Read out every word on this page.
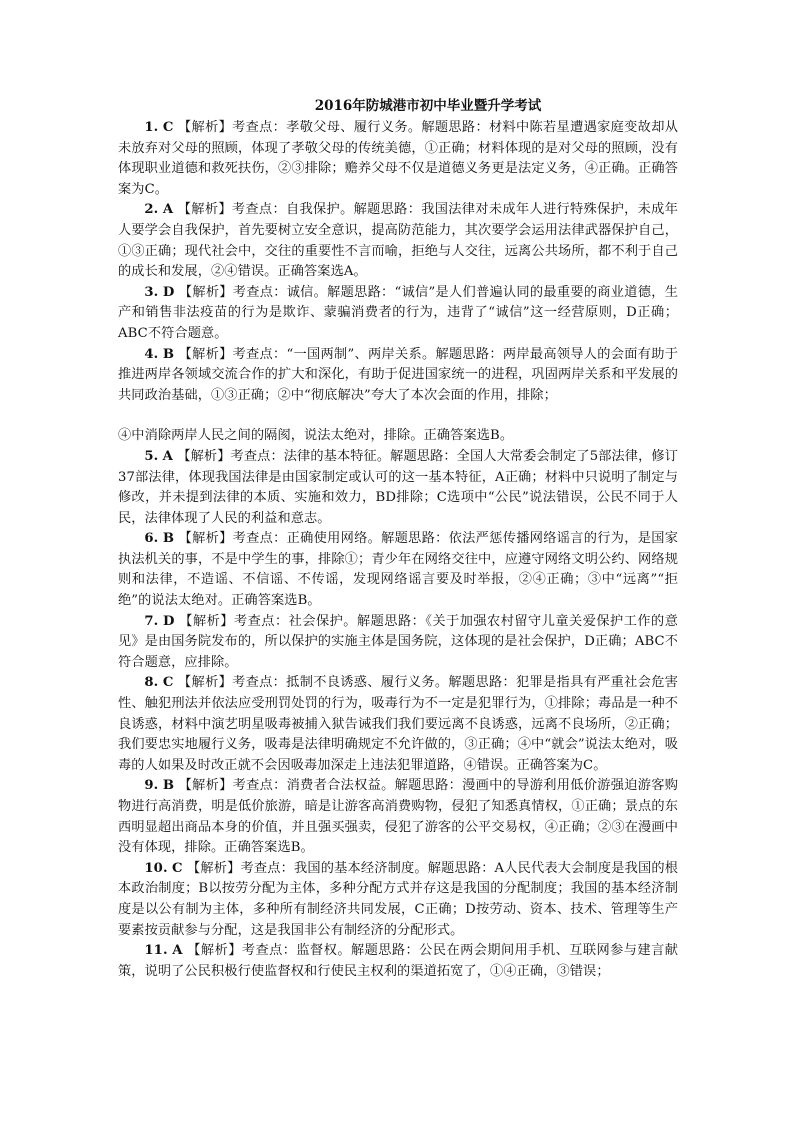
2016年防城港市初中毕业暨升学考试

1. C 【解析】考查点：孝敬父母、履行义务。解题思路：材料中陈若星遭遇家庭变故却从未放弃对父母的照顾，体现了孝敬父母的传统美德，①正确；材料体现的是对父母的照顾，没有体现职业道德和救死扶伤，②③排除；赡养父母不仅是道德义务更是法定义务，④正确。正确答案为C。

2. A 【解析】考查点：自我保护。解题思路：我国法律对未成年人进行特殊保护，未成年人要学会自我保护，首先要树立安全意识，提高防范能力，其次要学会运用法律武器保护自己，①③正确；现代社会中，交往的重要性不言而喻，拒绝与人交往，远离公共场所，都不利于自己的成长和发展，②④错误。正确答案选A。

3. D 【解析】考查点：诚信。解题思路：“诚信”是人们普遍认同的最重要的商业道德，生产和销售非法疫苗的行为是欺诈、蒙骗消费者的行为，违背了“诚信”这一经营原则，D正确；ABC不符合题意。

4. B 【解析】考查点：“一国两制”、两岸关系。解题思路：两岸最高领导人的会面有助于推进两岸各领域交流合作的扩大和深化，有助于促进国家统一的进程，巩固两岸关系和平发展的共同政治基础，①③正确；②中“彻底解决”夸大了本次会面的作用，排除；

④中消除两岸人民之间的隔阂，说法太绝对，排除。正确答案选B。

5. A 【解析】考查点：法律的基本特征。解题思路：全国人大常委会制定了5部法律，修订37部法律，体现我国法律是由国家制定或认可的这一基本特征，A正确；材料中只说明了制定与修改，并未提到法律的本质、实施和效力，BD排除；C选项中“公民”说法错误，公民不同于人民，法律体现了人民的利益和意志。

6. B 【解析】考查点：正确使用网络。解题思路：依法严惩传播网络谣言的行为，是国家执法机关的事，不是中学生的事，排除①；青少年在网络交往中，应遵守网络文明公约、网络规则和法律，不造谣、不信谣、不传谣，发现网络谣言要及时举报，②④正确；③中“远离”“拒绝”的说法太绝对。正确答案选B。

7. D 【解析】考查点：社会保护。解题思路：《关于加强农村留守儿童关爱保护工作的意见》是由国务院发布的，所以保护的实施主体是国务院，这体现的是社会保护，D正确；ABC不符合题意，应排除。

8. C 【解析】考查点：抵制不良诱惑、履行义务。解题思路：犯罪是指具有严重社会危害性、触犯刑法并依法应受刑罚处罚的行为，吸毒行为不一定是犯罪行为，①排除；毒品是一种不良诱惑，材料中演艺明星吸毒被捕入狱告诫我们我们要远离不良诱惑，远离不良场所，②正确；我们要忠实地履行义务，吸毒是法律明确规定不允许做的，③正确；④中“就会”说法太绝对，吸毒的人如果及时改正就不会因吸毒加深走上违法犯罪道路，④错误。正确答案为C。

9. B 【解析】考查点：消费者合法权益。解题思路：漫画中的导游利用低价游强迫游客购物进行高消费，明是低价旅游，暗是让游客高消费购物，侵犯了知悉真情权，①正确；景点的东西明显超出商品本身的价值，并且强买强卖，侵犯了游客的公平交易权，④正确；②③在漫画中没有体现，排除。正确答案选B。

10. C 【解析】考查点：我国的基本经济制度。解题思路：A人民代表大会制度是我国的根本政治制度；B以按劳分配为主体，多种分配方式并存这是我国的分配制度；我国的基本经济制度是以公有制为主体，多种所有制经济共同发展，C正确；D按劳动、资本、技术、管理等生产要素按贡献参与分配，这是我国非公有制经济的分配形式。

11. A 【解析】考查点：监督权。解题思路：公民在两会期间用手机、互联网参与建言献策，说明了公民积极行使监督权和行使民主权利的渠道拓宽了，①④正确，③错误；
